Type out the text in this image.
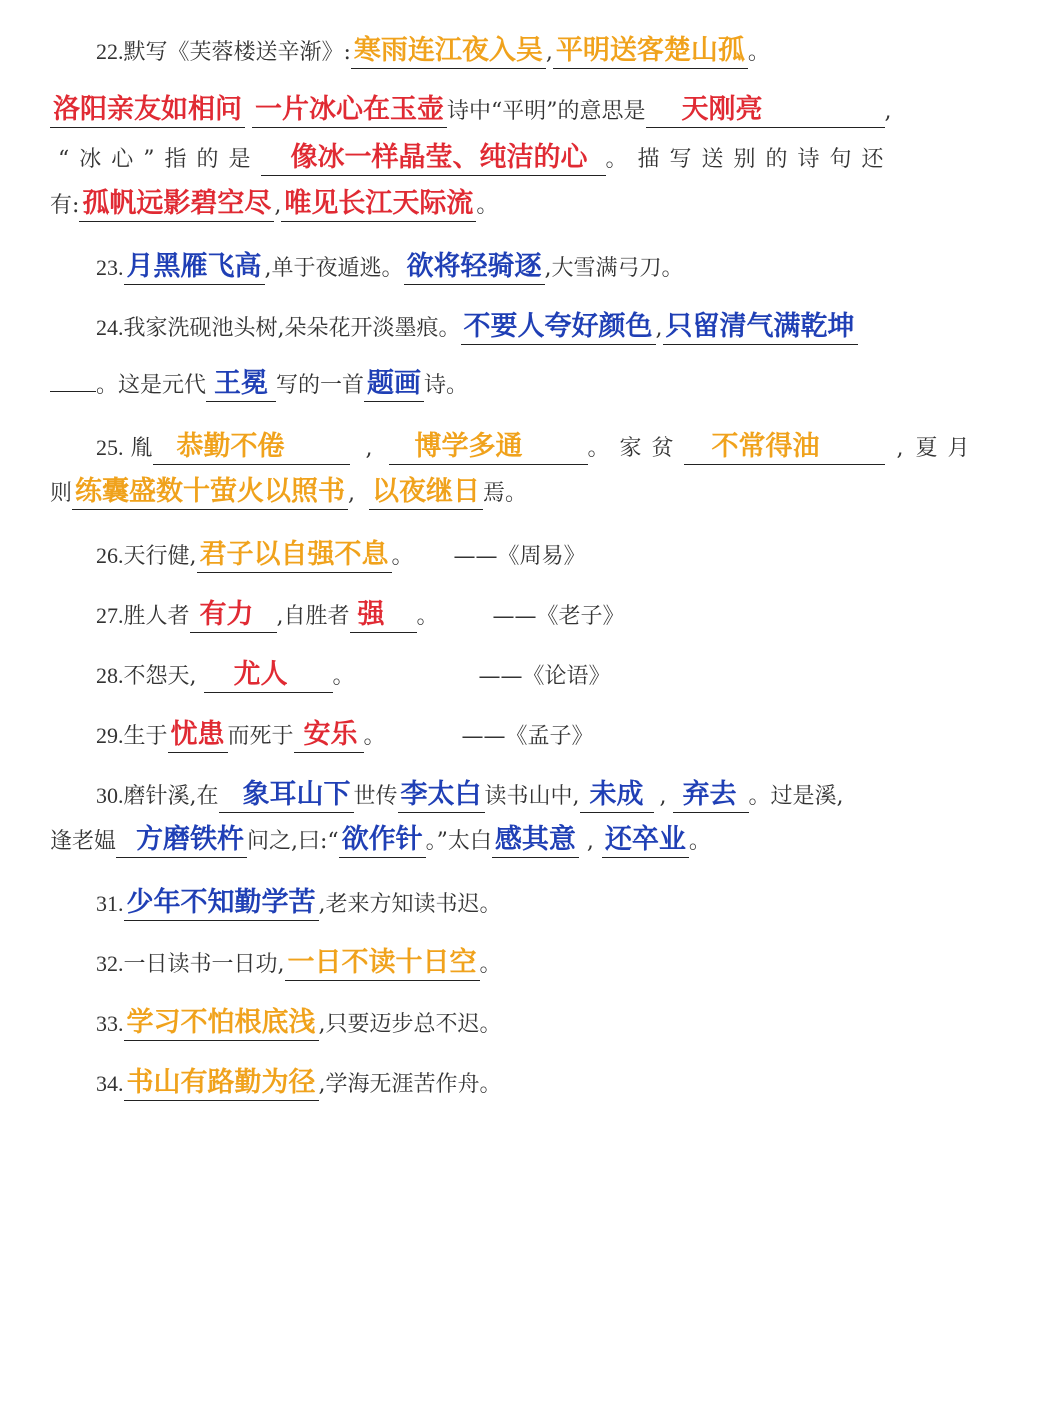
22.默写《芙蓉楼送辛渐》: 寒雨连江夜入吴 , 平明送客楚山孤 。
洛阳亲友如相问 一片冰心在玉壶 诗中“平明”的意思是 天刚亮	,
“冰心”指的是 像冰一样晶莹、纯洁的心 。描写送别的诗句还
有: 孤帆远影碧空尽 , 唯见长江天际流 。
23. 月黑雁飞高 ,单于夜遁逃。 欲将轻骑逐 ,大雪满弓刀。
24.我家洗砚池头树,朵朵花开淡墨痕。 不要人夸好颜色 , 只留清气满乾坤
。这是元代 王冕 写的一首 题画 诗。
25. 胤 恭勤不倦	, 博学多通	。家贫 不常得油	, 夏月
则 练囊盛数十萤火以照书 , 以夜继日 焉。
26.天行健, 君子以自强不息 。 ——《周易》
27.胜人者 有力 ,自胜者 强 。 ——《老子》
28.不怨天, 尤人 。	——《论语》
29.生于 忧患 而死于 安乐 。	——《孟子》
30.磨针溪,在 象耳山下 世传 李太白 读书山中, 未成 , 弃去 。过是溪,
逢老媪 方磨铁杵 问之,曰:“ 欲作针 。”太白 感其意 , 还卒业 。
31. 少年不知勤学苦 ,老来方知读书迟。
32.一日读书一日功, 一日不读十日空 。
33. 学习不怕根底浅 ,只要迈步总不迟。
34. 书山有路勤为径 ,学海无涯苦作舟。
